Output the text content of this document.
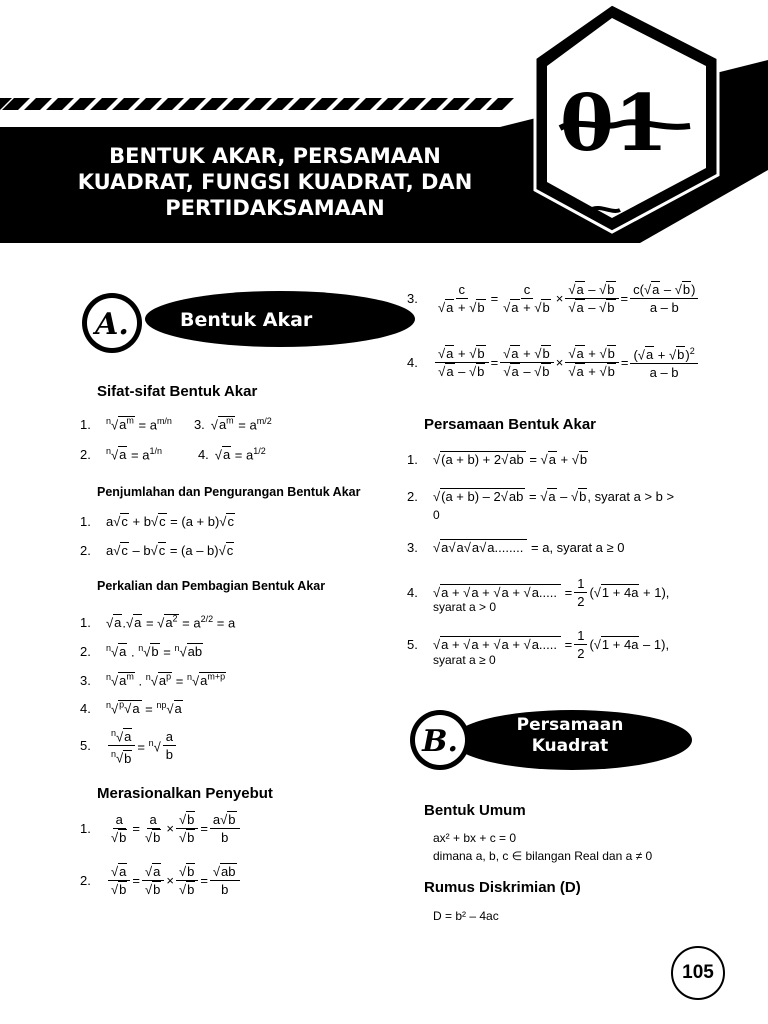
01
BENTUK AKAR, PERSAMAAN
KUADRAT, FUNGSI KUADRAT, DAN
PERTIDAKSAMAAN
A.	Bentuk Akar
Sifat-sifat Bentuk Akar
1.	$^n√a^m = a^{m/n}$ 3. $√a^m = a^{m/2}$
2.	$^n√a = a^{1/n}$	4. $√a = a^{1/2}$
Penjumlahan dan Pengurangan Bentuk Akar
1.	a√c + b√c = (a + b)√c
2.	a√c – b√c = (a – b)√c
Perkalian dan Pembagian Bentuk Akar
1.	$√a.√a = √a^2 = a^{2/2} = a$
2.	$^n$√a . $^n$√b = $^n$√ab
3.	$^n√a^m$ . $^n√a^p = ^n√a^{m+p}$
4.	$^n$√$^p$√a = $^{np}$√a
5.	$\frac{^n√a}{^n√b} = ^n√ \frac{a}{b}$
Merasionalkan Penyebut
1.	$\frac{a}{√b} = \frac{a}{√b} \times \frac{√b}{√b} = \frac{a√b}{b}$
2.	$\frac{√a}{√b} = \frac{√a}{√b} \times \frac{√b}{√b} = \frac{√ab}{b}$
3.	$\frac{c}{√a + √b} = \frac{c}{√a + √b} \times \frac{√a - √b}{√a - √b} = \frac{c(√a - √b)}{a - b}$
4.	$\frac{√a + √b}{√a - √b} = \frac{√a + √b}{√a - √b} \times \frac{√a + √b}{√a + √b} = \frac{(√a + √b)^2}{a - b}$
Persamaan Bentuk Akar
1.	√(a + b) + 2√ab = √a + √b
2.	√(a + b) – 2√ab = √a – √b , syarat a > b >
0
3.	√a√a√a√a........ = a , syarat a ≥ 0
4.	√a + √a + √a + √a..... = $\frac{1}{2} (√1 + 4a + 1)$,
syarat a > 0
5.	√a + √a + √a + √a..... = $\frac{1}{2} (√1 + 4a - 1)$,
syarat a ≥ 0
B.	Persamaan
Kuadrat
Bentuk Umum
ax² + bx + c = 0
dimana a, b, c ∈ bilangan Real dan a ≠ 0
Rumus Diskrimian (D)
D = b² – 4ac
105
